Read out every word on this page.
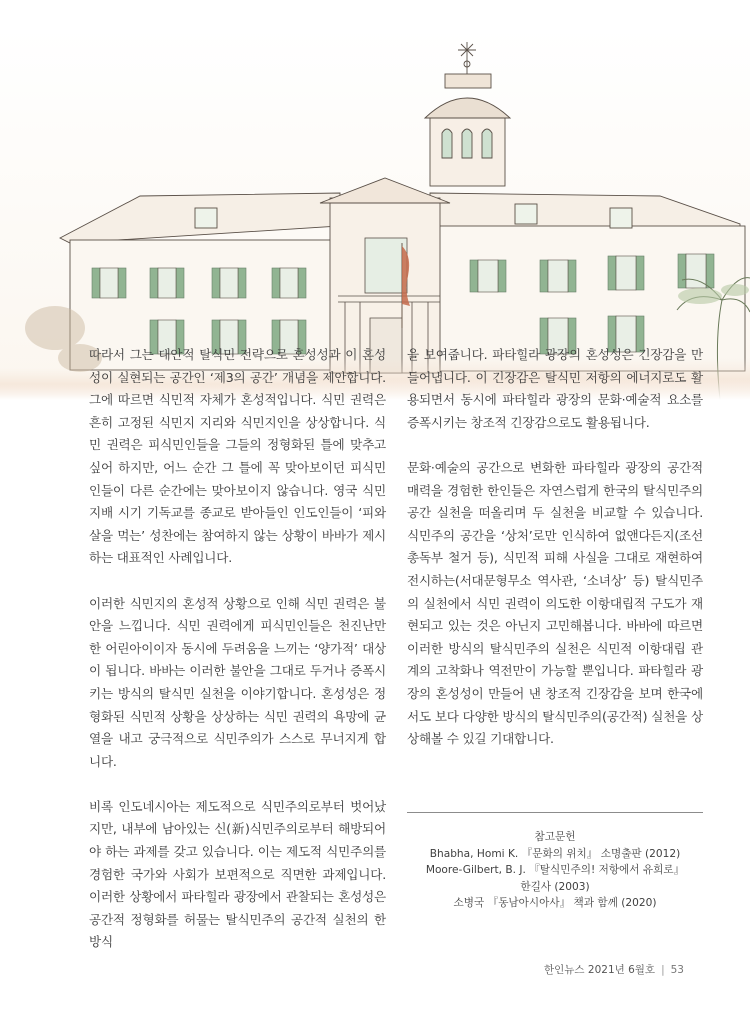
따라서 그는 대안적 탈식민 전략으로 혼성성과 이 혼성성이 실현되는 공간인 ‘제3의 공간’ 개념을 제안합니다. 그에 따르면 식민적 자체가 혼성적입니다. 식민 권력은 흔히 고정된 식민지 지리와 식민지인을 상상합니다. 식민 권력은 피식민인들을 그들의 정형화된 틀에 맞추고 싶어 하지만, 어느 순간 그 틀에 꼭 맞아보이던 피식민인들이 다른 순간에는 맞아보이지 않습니다. 영국 식민지배 시기 기독교를 종교로 받아들인 인도인들이 ‘피와 살을 먹는’ 성찬에는 참여하지 않는 상황이 바바가 제시하는 대표적인 사례입니다.

이러한 식민지의 혼성적 상황으로 인해 식민 권력은 불안을 느낍니다. 식민 권력에게 피식민인들은 천진난만한 어린아이이자 동시에 두려움을 느끼는 ‘양가적’ 대상이 됩니다. 바바는 이러한 불안을 그대로 두거나 증폭시키는 방식의 탈식민 실천을 이야기합니다. 혼성성은 정형화된 식민적 상황을 상상하는 식민 권력의 욕망에 균열을 내고 궁극적으로 식민주의가 스스로 무너지게 합니다.

비록 인도네시아는 제도적으로 식민주의로부터 벗어났지만, 내부에 남아있는 신(新)식민주의로부터 해방되어야 하는 과제를 갖고 있습니다. 이는 제도적 식민주의를 경험한 국가와 사회가 보편적으로 직면한 과제입니다. 이러한 상황에서 파타힐라 광장에서 관찰되는 혼성성은 공간적 정형화를 허물는 탈식민주의 공간적 실천의 한 방식

을 보여줍니다. 파타힐라 광장의 혼성성은 긴장감을 만들어냅니다. 이 긴장감은 탈식민 저항의 에너지로도 활용되면서 동시에 파타힐라 광장의 문화·예술적 요소를 증폭시키는 창조적 긴장감으로도 활용됩니다.

문화·예술의 공간으로 변화한 파타힐라 광장의 공간적 매력을 경험한 한인들은 자연스럽게 한국의 탈식민주의 공간 실천을 떠올리며 두 실천을 비교할 수 있습니다. 식민주의 공간을 ‘상처’로만 인식하여 없앤다든지(조선총독부 철거 등), 식민적 피해 사실을 그대로 재현하여 전시하는(서대문형무소 역사관, ‘소녀상’ 등) 탈식민주의 실천에서 식민 권력이 의도한 이항대립적 구도가 재현되고 있는 것은 아닌지 고민해봅니다. 바바에 따르면 이러한 방식의 탈식민주의 실천은 식민적 이항대립 관계의 고착화나 역전만이 가능할 뿐입니다. 파타힐라 광장의 혼성성이 만들어 낸 창조적 긴장감을 보며 한국에서도 보다 다양한 방식의 탈식민주의(공간적) 실천을 상상해볼 수 있길 기대합니다.

참고문헌
Bhabha, Homi K. 『문화의 위치』 소명출판 (2012)
Moore-Gilbert, B. J. 『탈식민주의! 저항에서 유희로』
한길사 (2003)
소병국 『동남아시아사』 책과 함께 (2020)
한인뉴스 2021년 6월호 | 53
